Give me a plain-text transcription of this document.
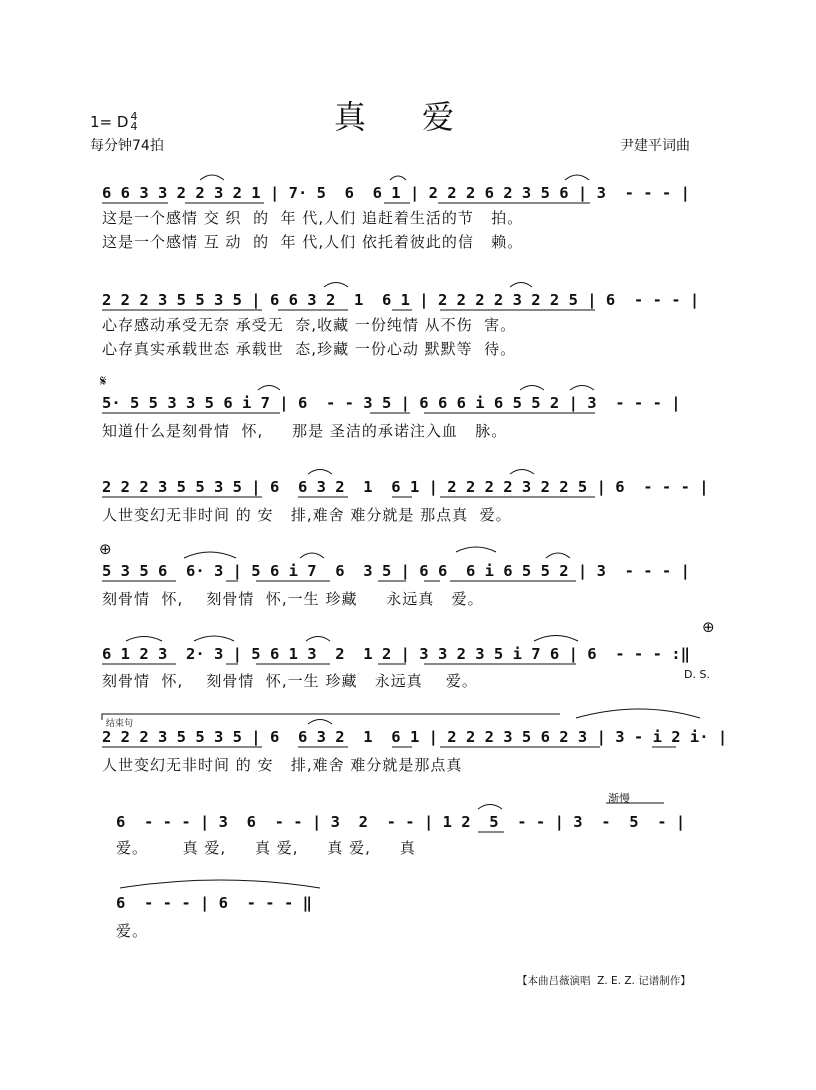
1= D 4
4	真爱
每分钟74拍	尹建平词曲
6 6 3 3 2 2 3 2 1 | 7· 5  6  6 1 | 2 2 2 6 2 3 5 6 | 3  - - - |
这是一个感情 交 织  的  年 代,人们 追赶着生活的节   拍。
这是一个感情 互 动  的  年 代,人们 依托着彼此的信   赖。
2 2 2 3 5 5 3 5 | 6 6 3 2  1  6 1 | 2 2 2 2 3 2 2 5 | 6  - - - |
心存感动承受无奈 承受无  奈,收藏 一份纯情 从不伤  害。
心存真实承载世态 承载世  态,珍藏 一份心动 默默等  待。
𝄋
5· 5 5 3 3 5 6 i 7 | 6  - - 3 5 | 6 6 6 i 6 5 5 2 | 3  - - - |
知道什么是刻骨情  怀,     那是 圣洁的承诺注入血   脉。
2 2 2 3 5 5 3 5 | 6  6 3 2  1  6 1 | 2 2 2 2 3 2 2 5 | 6  - - - |
人世变幻无非时间 的 安   排,难舍 难分就是 那点真  爱。
⊕
5 3 5 6  6· 3 | 5 6 i 7  6  3 5 | 6 6  6 i 6 5 5 2 | 3  - - - |
刻骨情  怀,    刻骨情  怀,一生 珍藏     永远真   爱。
⊕
6 1 2 3  2· 3 | 5 6 1 3  2  1 2 | 3 3 2 3 5 i 7 6 | 6  - - - :‖
刻骨情  怀,    刻骨情  怀,一生 珍藏   永远真    爱。	D. S.
结束句
2 2 2 3 5 5 3 5 | 6  6 3 2  1  6 1 | 2 2 2 3 5 6 2 3 | 3 - i 2 i· |
人世变幻无非时间 的 安   排,难舍 难分就是那点真
渐慢
6  - - - | 3  6  - - | 3  2  - - | 1 2  5  - - | 3  -  5  - |
爱。      真 爱,     真 爱,     真 爱,     真
6  - - - | 6  - - - ‖
爱。
【本曲吕薇演唱  Z. E. Z. 记谱制作】
